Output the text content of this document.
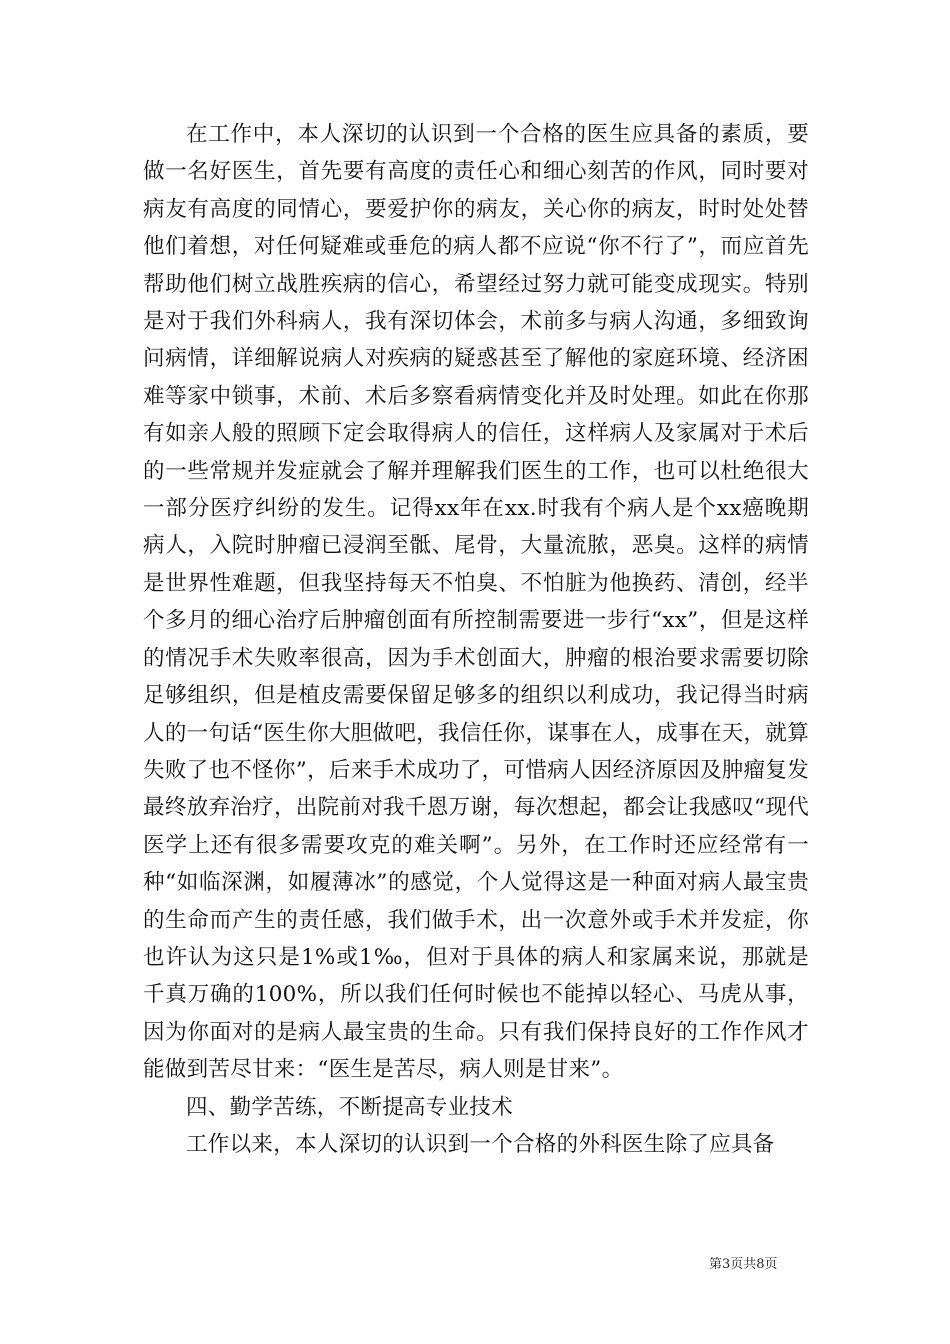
在工作中，本人深切的认识到一个合格的医生应具备的素质，要做一名好医生，首先要有高度的责任心和细心刻苦的作风，同时要对病友有高度的同情心，要爱护你的病友，关心你的病友，时时处处替他们着想，对任何疑难或垂危的病人都不应说“你不行了”，而应首先帮助他们树立战胜疾病的信心，希望经过努力就可能变成现实。特别是对于我们外科病人，我有深切体会，术前多与病人沟通，多细致询问病情，详细解说病人对疾病的疑惑甚至了解他的家庭环境、经济困难等家中锁事，术前、术后多察看病情变化并及时处理。如此在你那有如亲人般的照顾下定会取得病人的信任，这样病人及家属对于术后的一些常规并发症就会了解并理解我们医生的工作，也可以杜绝很大一部分医疗纠纷的发生。记得xx年在xx.时我有个病人是个xx癌晚期病人，入院时肿瘤已浸润至骶、尾骨，大量流脓，恶臭。这样的病情是世界性难题，但我坚持每天不怕臭、不怕脏为他换药、清创，经半个多月的细心治疗后肿瘤创面有所控制需要进一步行“xx”，但是这样的情况手术失败率很高，因为手术创面大，肿瘤的根治要求需要切除足够组织，但是植皮需要保留足够多的组织以利成功，我记得当时病人的一句话“医生你大胆做吧，我信任你，谋事在人，成事在天，就算失败了也不怪你”，后来手术成功了，可惜病人因经济原因及肿瘤复发最终放弃治疗，出院前对我千恩万谢，每次想起，都会让我感叹“现代医学上还有很多需要攻克的难关啊”。另外，在工作时还应经常有一种“如临深渊，如履薄冰”的感觉，个人觉得这是一种面对病人最宝贵的生命而产生的责任感，我们做手术，出一次意外或手术并发症，你也许认为这只是1%或1‰，但对于具体的病人和家属来说，那就是千真万确的100%，所以我们任何时候也不能掉以轻心、马虎从事，因为你面对的是病人最宝贵的生命。只有我们保持良好的工作作风才能做到苦尽甘来：“医生是苦尽，病人则是甘来”。

四、勤学苦练，不断提高专业技术

工作以来，本人深切的认识到一个合格的外科医生除了应具备

第3页共8页
